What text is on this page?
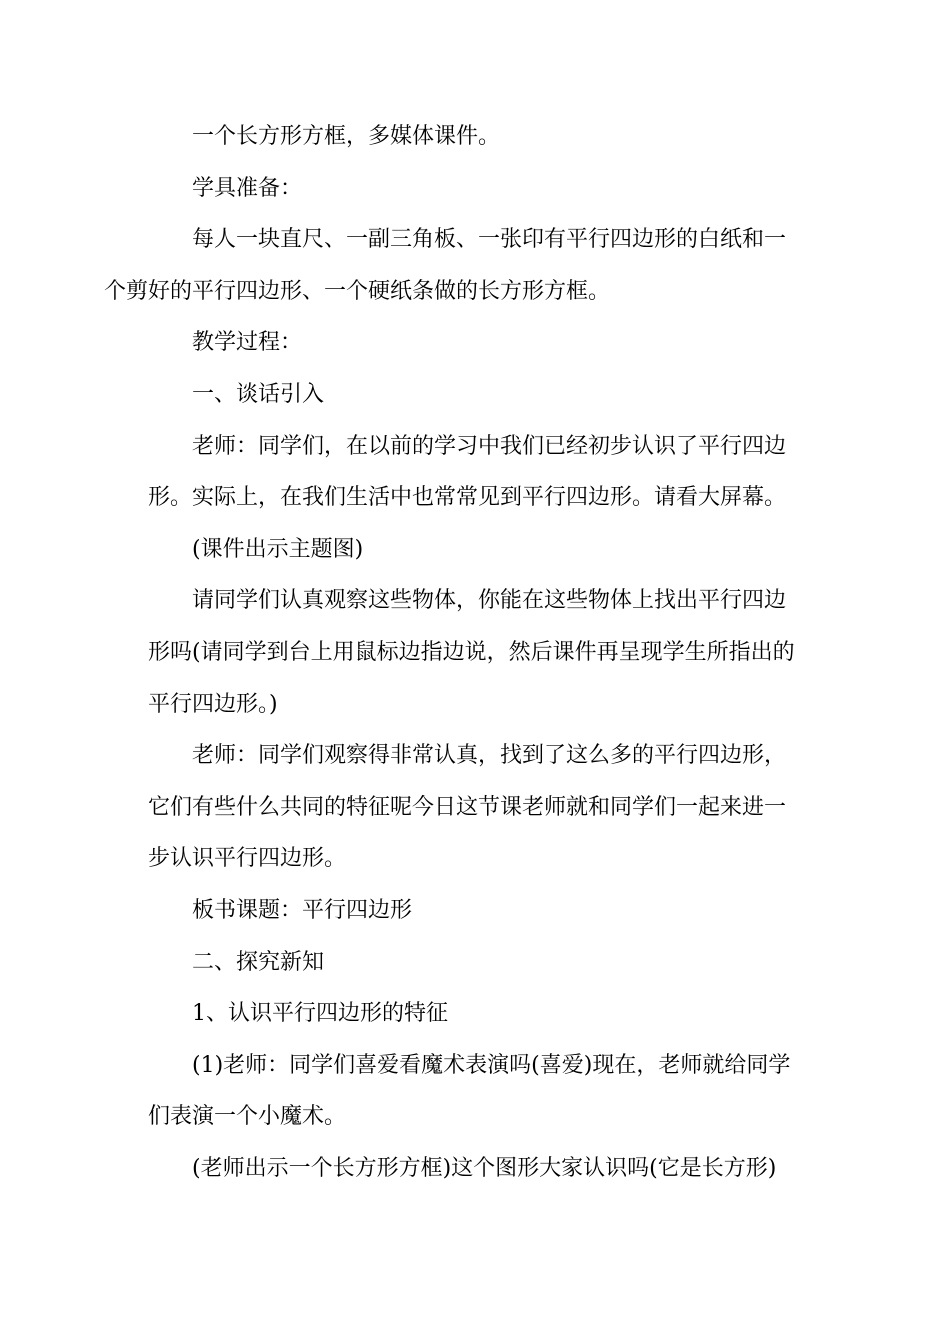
一个长方形方框，多媒体课件。

学具准备：

每人一块直尺、一副三角板、一张印有平行四边形的白纸和一
个剪好的平行四边形、一个硬纸条做的长方形方框。

教学过程：

一、谈话引入

老师：同学们，在以前的学习中我们已经初步认识了平行四边
形。实际上，在我们生活中也常常见到平行四边形。请看大屏幕。

(课件出示主题图)

请同学们认真观察这些物体，你能在这些物体上找出平行四边
形吗(请同学到台上用鼠标边指边说，然后课件再呈现学生所指出的
平行四边形。)

老师：同学们观察得非常认真，找到了这么多的平行四边形，
它们有些什么共同的特征呢今日这节课老师就和同学们一起来进一
步认识平行四边形。

板书课题：平行四边形

二、探究新知

1、认识平行四边形的特征

(1)老师：同学们喜爱看魔术表演吗(喜爱)现在，老师就给同学
们表演一个小魔术。

(老师出示一个长方形方框)这个图形大家认识吗(它是长方形)
